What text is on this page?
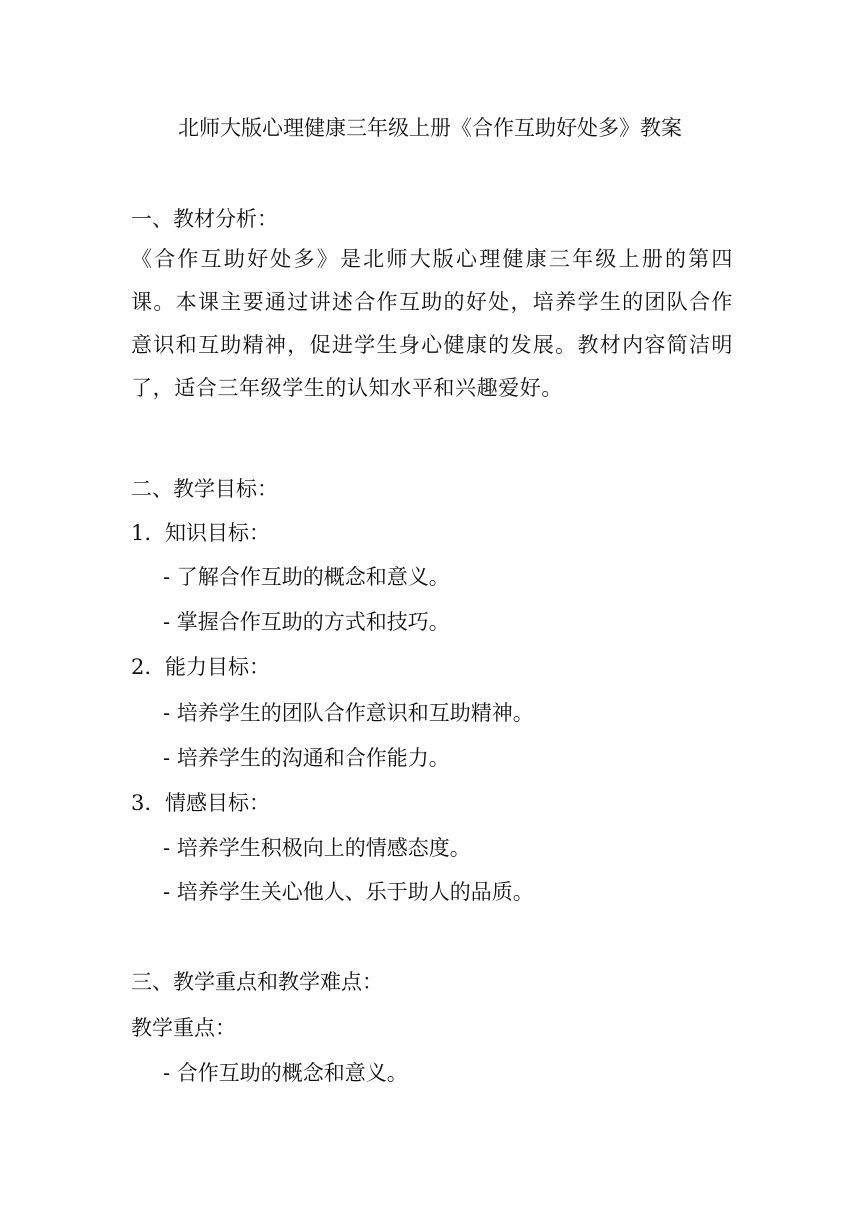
北师大版心理健康三年级上册《合作互助好处多》教案
一、教材分析：
《合作互助好处多》是北师大版心理健康三年级上册的第四课。本课主要通过讲述合作互助的好处，培养学生的团队合作意识和互助精神，促进学生身心健康的发展。教材内容简洁明了，适合三年级学生的认知水平和兴趣爱好。
二、教学目标：
1. 知识目标：
- 了解合作互助的概念和意义。
- 掌握合作互助的方式和技巧。
2. 能力目标：
- 培养学生的团队合作意识和互助精神。
- 培养学生的沟通和合作能力。
3. 情感目标：
- 培养学生积极向上的情感态度。
- 培养学生关心他人、乐于助人的品质。
三、教学重点和教学难点：
教学重点：
- 合作互助的概念和意义。
